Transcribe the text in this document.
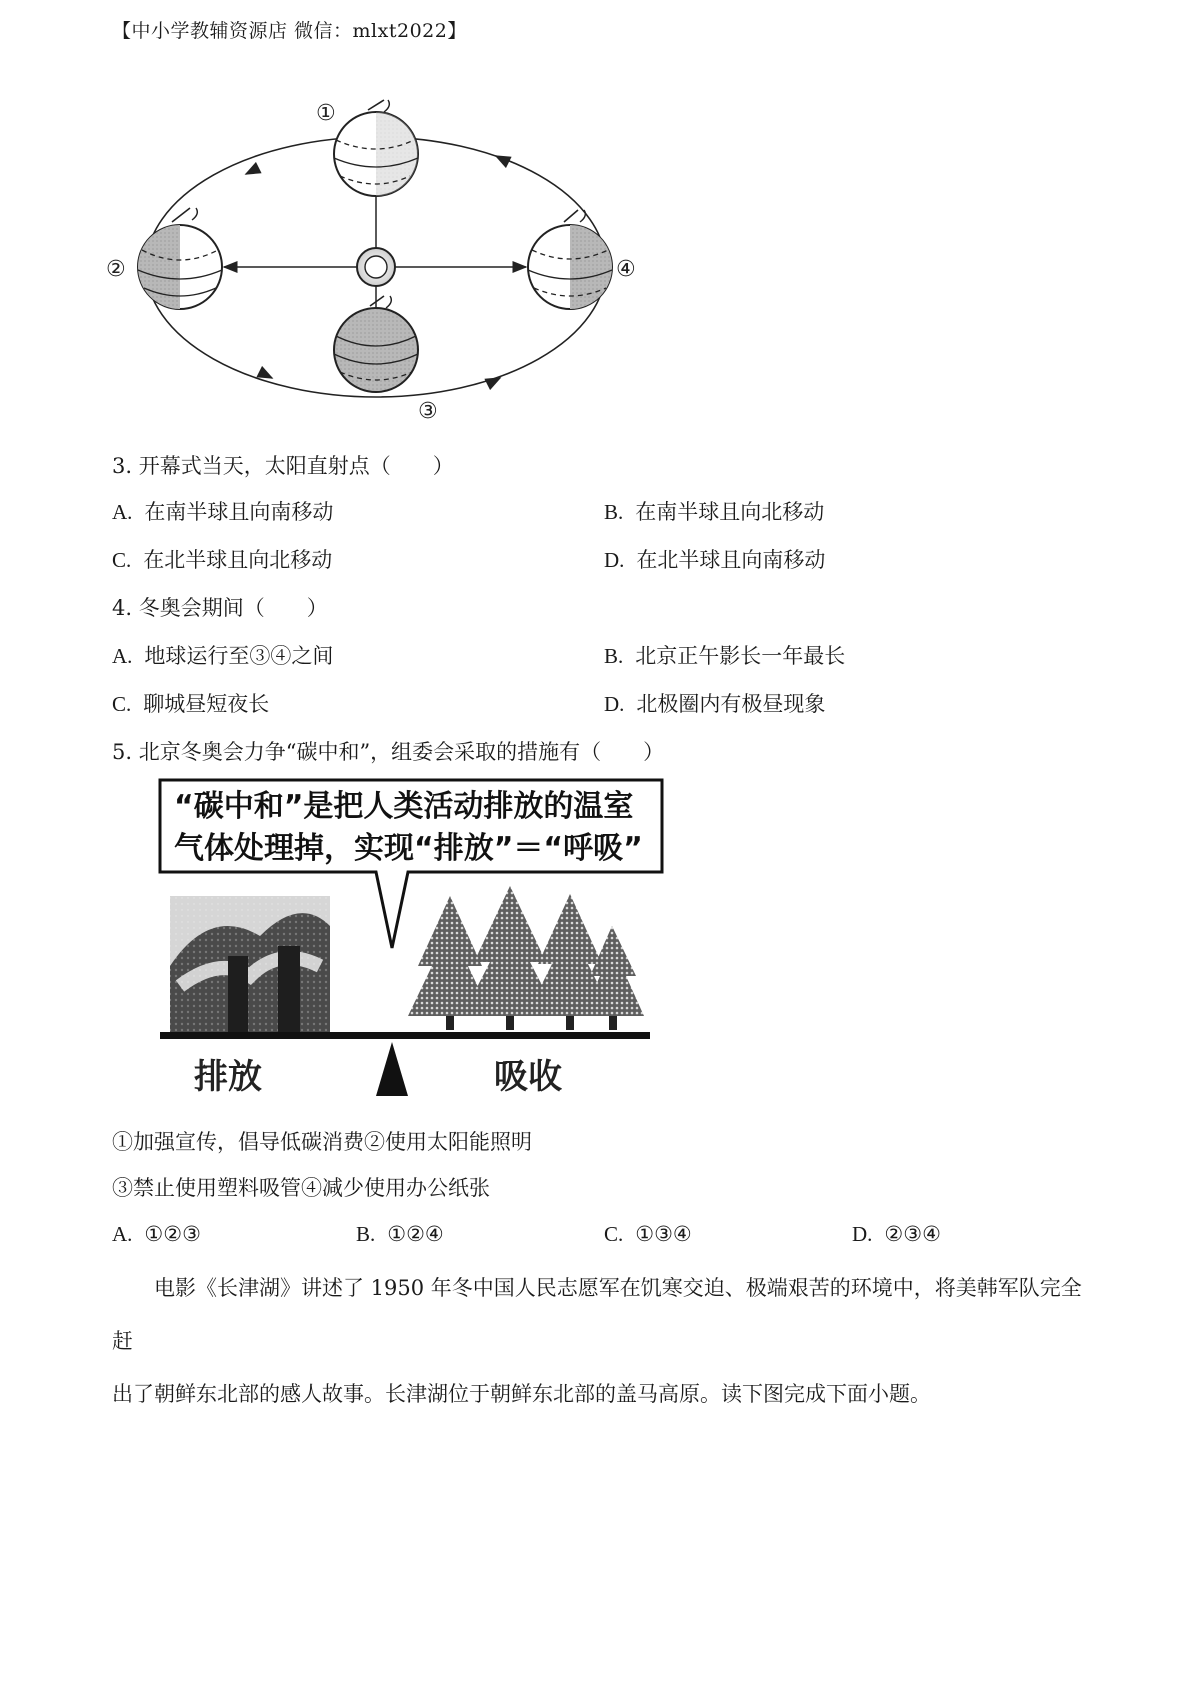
【中小学教辅资源店 微信：mlxt2022】
①
②
③
④
3. 开幕式当天，太阳直射点（　　）
A. 在南半球且向南移动	B. 在南半球且向北移动
C. 在北半球且向北移动	D. 在北半球且向南移动
4. 冬奥会期间（　　）
A. 地球运行至③④之间	B. 北京正午影长一年最长
C. 聊城昼短夜长	D. 北极圈内有极昼现象
5. 北京冬奥会力争“碳中和”，组委会采取的措施有（　　）
“碳中和”是把人类活动排放的温室
气体处理掉，实现“排放”＝“呼吸”
排放	吸收
①加强宣传，倡导低碳消费②使用太阳能照明
③禁止使用塑料吸管④减少使用办公纸张
A. ①②③	B. ①②④	C. ①③④	D. ②③④
电影《长津湖》讲述了 1950 年冬中国人民志愿军在饥寒交迫、极端艰苦的环境中，将美韩军队完全赶
出了朝鲜东北部的感人故事。长津湖位于朝鲜东北部的盖马高原。读下图完成下面小题。
